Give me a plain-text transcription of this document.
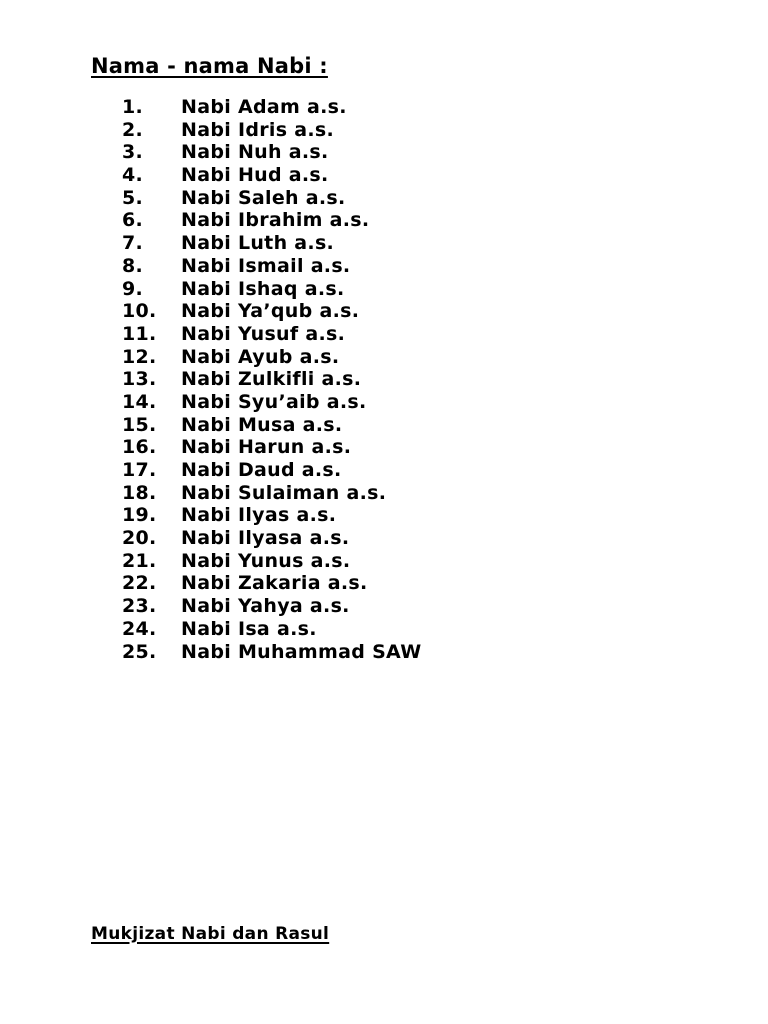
Nama - nama Nabi :
1. Nabi Adam a.s.
2. Nabi Idris a.s.
3. Nabi Nuh a.s.
4. Nabi Hud a.s.
5. Nabi Saleh a.s.
6. Nabi Ibrahim a.s.
7. Nabi Luth a.s.
8. Nabi Ismail a.s.
9. Nabi Ishaq a.s.
10. Nabi Ya’qub a.s.
11. Nabi Yusuf a.s.
12. Nabi Ayub a.s.
13. Nabi Zulkifli a.s.
14. Nabi Syu’aib a.s.
15. Nabi Musa a.s.
16. Nabi Harun a.s.
17. Nabi Daud a.s.
18. Nabi Sulaiman a.s.
19. Nabi Ilyas a.s.
20. Nabi Ilyasa a.s.
21. Nabi Yunus a.s.
22. Nabi Zakaria a.s.
23. Nabi Yahya a.s.
24. Nabi Isa a.s.
25. Nabi Muhammad SAW
Mukjizat Nabi dan Rasul
